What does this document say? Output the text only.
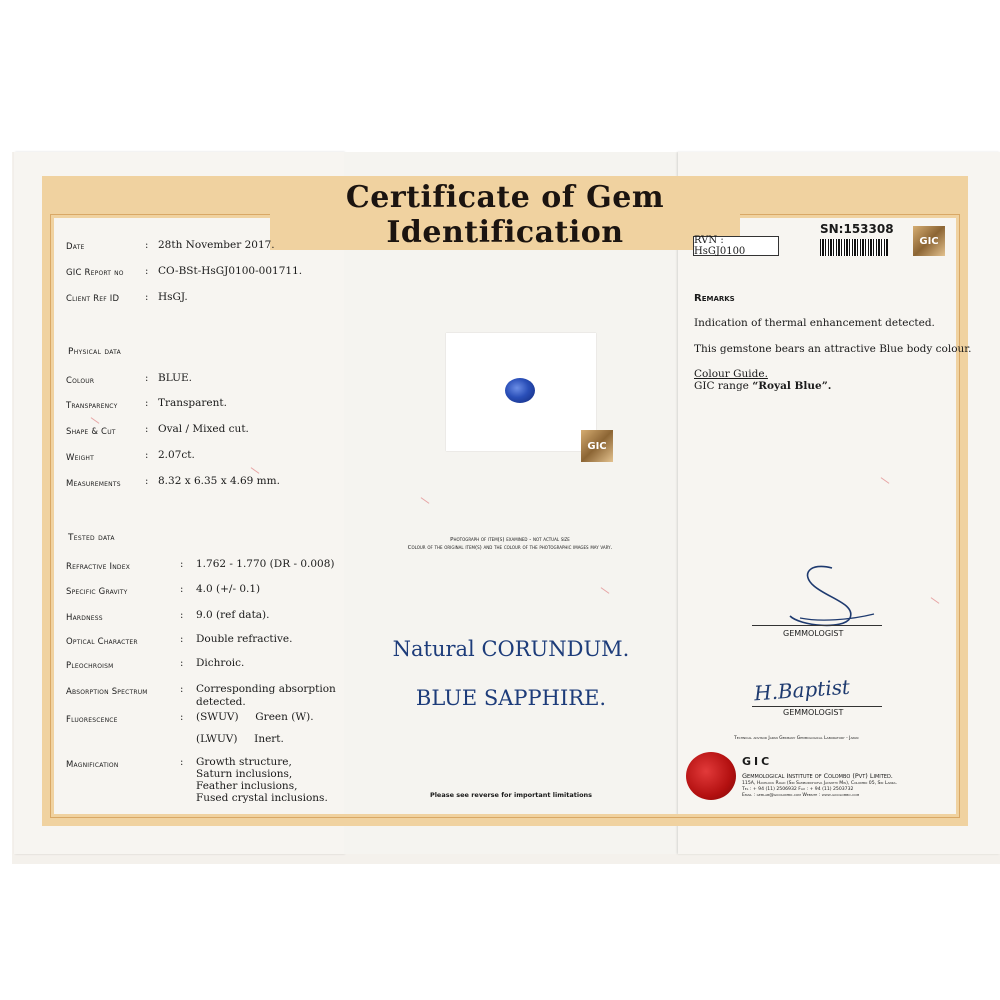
Certificate of Gem Identification
Date	: 28th November 2017.
GIC Report no : CO-BSt-HsGJ0100-001711.
Client Ref ID	: HsGJ.
Physical data
Colour	: BLUE.
Transparency	: Transparent.
Shape & Cut	: Oval / Mixed cut.
Weight	: 2.07ct.
Measurements : 8.32 x 6.35 x 4.69 mm.
Tested data
Refractive Index	: 1.762 - 1.770 (DR - 0.008)
Specific Gravity	: 4.0 (+/- 0.1)
Hardness	: 9.0 (ref data).
Optical Character	: Double refractive.
Pleochroism	: Dichroic.
Absorption Spectrum	: Corresponding absorption
detected.
Fluorescence	: (SWUV)     Green (W).
(LWUV)     Inert.
Magnification	: Growth structure,
Saturn inclusions,
Feather inclusions,
Fused crystal inclusions.
GIC
Photograph of item(s) examined - not actual size
Colour of the original item(s) and the colour of the photographic images may vary.
Natural CORUNDUM.
BLUE SAPPHIRE.
Please see reverse for important limitations
RVN : HsGJ0100
SN:153308
GIC
Remarks
Indication of thermal enhancement detected.
This gemstone bears an attractive Blue body colour.
Colour Guide.
GIC range “Royal Blue”.
GEMMOLOGIST
H.Baptist
GEMMOLOGIST
Technical advisor Japan Germany Gemmological Laboratory - Japan
GIC
Gemmological Institute of Colombo (Pvt) Limited.
115A, Havelock Road (Sri Sambuddhatva Jayanthi Mw), Colombo 05, Sri Lanka.
Tel : + 94 (11) 2506932 Fax : + 94 (11) 2503732
Email : gemlab@gicolombo.com Website : www.gicolombo.com
